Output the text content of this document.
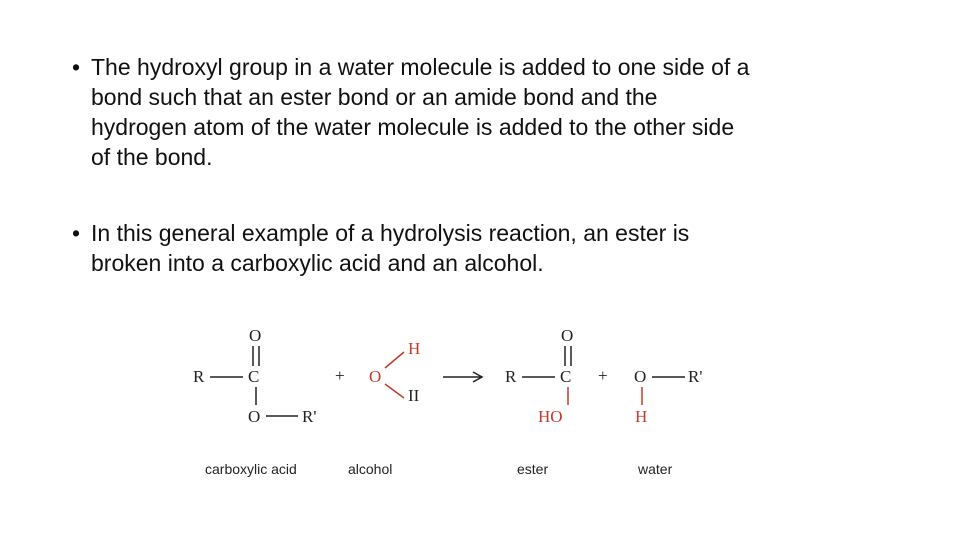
• The hydroxyl group in a water molecule is added to one side of a
bond such that an ester bond or an amide bond and the
hydrogen atom of the water molecule is added to the other side
of the bond.

• In this general example of a hydrolysis reaction, an ester is
broken into a carboxylic acid and an alcohol.

O
R	C
O R'
+ O
H
II
O
R	C
HO
+ O R'
H
carboxylic acid	alcohol	ester	water
